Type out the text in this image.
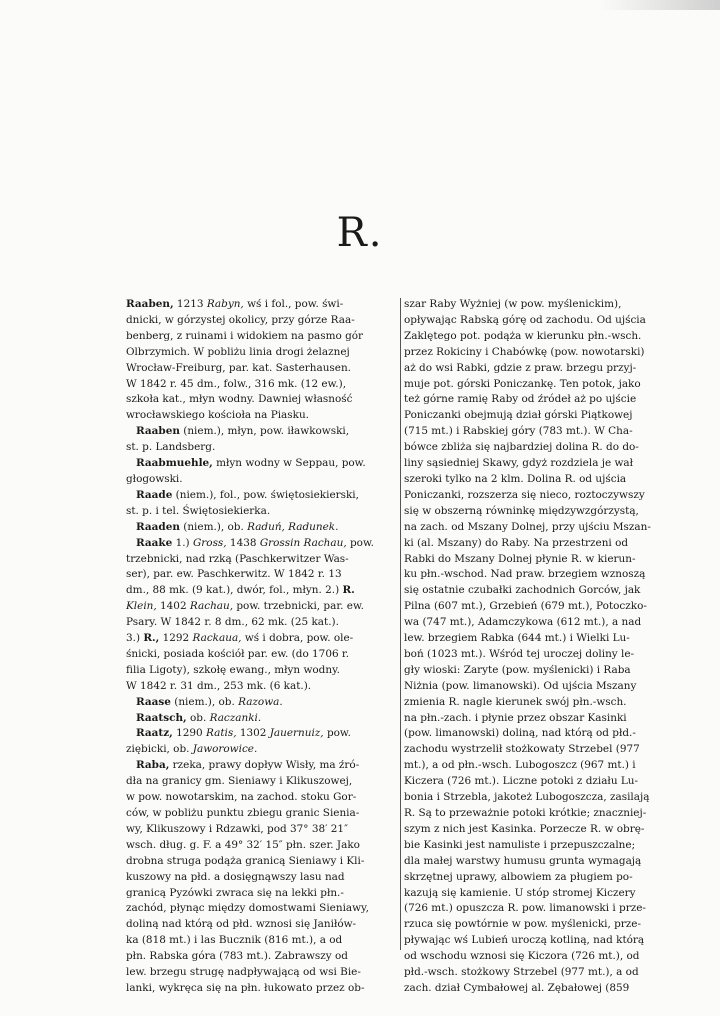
R.
Raaben, 1213 Rabyn, wś i fol., pow. świ-
dnicki, w górzystej okolicy, przy górze Raa-
benberg, z ruinami i widokiem na pasmo gór
Olbrzymich. W pobliżu linia drogi żelaznej
Wrocław-Freiburg, par. kat. Sasterhausen.
W 1842 r. 45 dm., folw., 316 mk. (12 ew.),
szkoła kat., młyn wodny. Dawniej własność
wrocławskiego kościoła na Piasku.
Raaben (niem.), młyn, pow. iławkowski,
st. p. Landsberg.
Raabmuehle, młyn wodny w Seppau, pow.
głogowski.
Raade (niem.), fol., pow. świętosiekierski,
st. p. i tel. Świętosiekierka.
Raaden (niem.), ob. Raduń, Radunek.
Raake 1.) Gross, 1438 Grossin Rachau, pow.
trzebnicki, nad rzką (Paschkerwitzer Was-
ser), par. ew. Paschkerwitz. W 1842 r. 13
dm., 88 mk. (9 kat.), dwór, fol., młyn. 2.) R.
Klein, 1402 Rachau, pow. trzebnicki, par. ew.
Psary. W 1842 r. 8 dm., 62 mk. (25 kat.).
3.) R., 1292 Rackaua, wś i dobra, pow. ole-
śnicki, posiada kościół par. ew. (do 1706 r.
filia Ligoty), szkołę ewang., młyn wodny.
W 1842 r. 31 dm., 253 mk. (6 kat.).
Raase (niem.), ob. Razowa.
Raatsch, ob. Raczanki.
Raatz, 1290 Ratis, 1302 Jauernuiz, pow.
ziębicki, ob. Jaworowice.
Raba, rzeka, prawy dopływ Wisły, ma źró-
dła na granicy gm. Sieniawy i Klikuszowej,
w pow. nowotarskim, na zachod. stoku Gor-
ców, w pobliżu punktu zbiegu granic Sienia-
wy, Klikuszowy i Rdzawki, pod 37° 38′ 21″
wsch. dług. g. F. a 49° 32′ 15″ płn. szer. Jako
drobna struga podąża granicą Sieniawy i Kli-
kuszowy na płd. a dosięgnąwszy lasu nad
granicą Pyzówki zwraca się na lekki płn.-
zachód, płynąc między domostwami Sieniawy,
doliną nad którą od płd. wznosi się Janiłów-
ka (818 mt.) i las Bucznik (816 mt.), a od
płn. Rabska góra (783 mt.). Zabrawszy od
lew. brzegu strugę nadpływającą od wsi Bie-
lanki, wykręca się na płn. łukowato przez ob-
szar Raby Wyżniej (w pow. myślenickim),
opływając Rabską górę od zachodu. Od ujścia
Zaklętego pot. podąża w kierunku płn.-wsch.
przez Rokiciny i Chabówkę (pow. nowotarski)
aż do wsi Rabki, gdzie z praw. brzegu przyj-
muje pot. górski Poniczankę. Ten potok, jako
też górne ramię Raby od źródeł aż po ujście
Poniczanki obejmują dział górski Piątkowej
(715 mt.) i Rabskiej góry (783 mt.). W Cha-
bówce zbliża się najbardziej dolina R. do do-
liny sąsiedniej Skawy, gdyż rozdziela je wał
szeroki tylko na 2 klm. Dolina R. od ujścia
Poniczanki, rozszerza się nieco, roztoczywszy
się w obszerną równinkę międzywzgórzystą,
na zach. od Mszany Dolnej, przy ujściu Mszan-
ki (al. Mszany) do Raby. Na przestrzeni od
Rabki do Mszany Dolnej płynie R. w kierun-
ku płn.-wschod. Nad praw. brzegiem wznoszą
się ostatnie czubałki zachodnich Gorców, jak
Pilna (607 mt.), Grzebień (679 mt.), Potoczko-
wa (747 mt.), Adamczykowa (612 mt.), a nad
lew. brzegiem Rabka (644 mt.) i Wielki Lu-
boń (1023 mt.). Wśród tej uroczej doliny le-
gły wioski: Zaryte (pow. myślenicki) i Raba
Niżnia (pow. limanowski). Od ujścia Mszany
zmienia R. nagle kierunek swój płn.-wsch.
na płn.-zach. i płynie przez obszar Kasinki
(pow. limanowski) doliną, nad którą od płd.-
zachodu wystrzelił stożkowaty Strzebel (977
mt.), a od płn.-wsch. Lubogoszcz (967 mt.) i
Kiczera (726 mt.). Liczne potoki z działu Lu-
bonia i Strzebla, jakoteż Lubogoszcza, zasilają
R. Są to przeważnie potoki krótkie; znaczniej-
szym z nich jest Kasinka. Porzecze R. w obrę-
bie Kasinki jest namuliste i przepuszczalne;
dla małej warstwy humusu grunta wymagają
skrzętnej uprawy, albowiem za pługiem po-
kazują się kamienie. U stóp stromej Kiczery
(726 mt.) opuszcza R. pow. limanowski i prze-
rzuca się powtórnie w pow. myślenicki, prze-
pływając wś Lubień uroczą kotliną, nad którą
od wschodu wznosi się Kiczora (726 mt.), od
płd.-wsch. stożkowy Strzebel (977 mt.), a od
zach. dział Cymbałowej al. Zębałowej (859
